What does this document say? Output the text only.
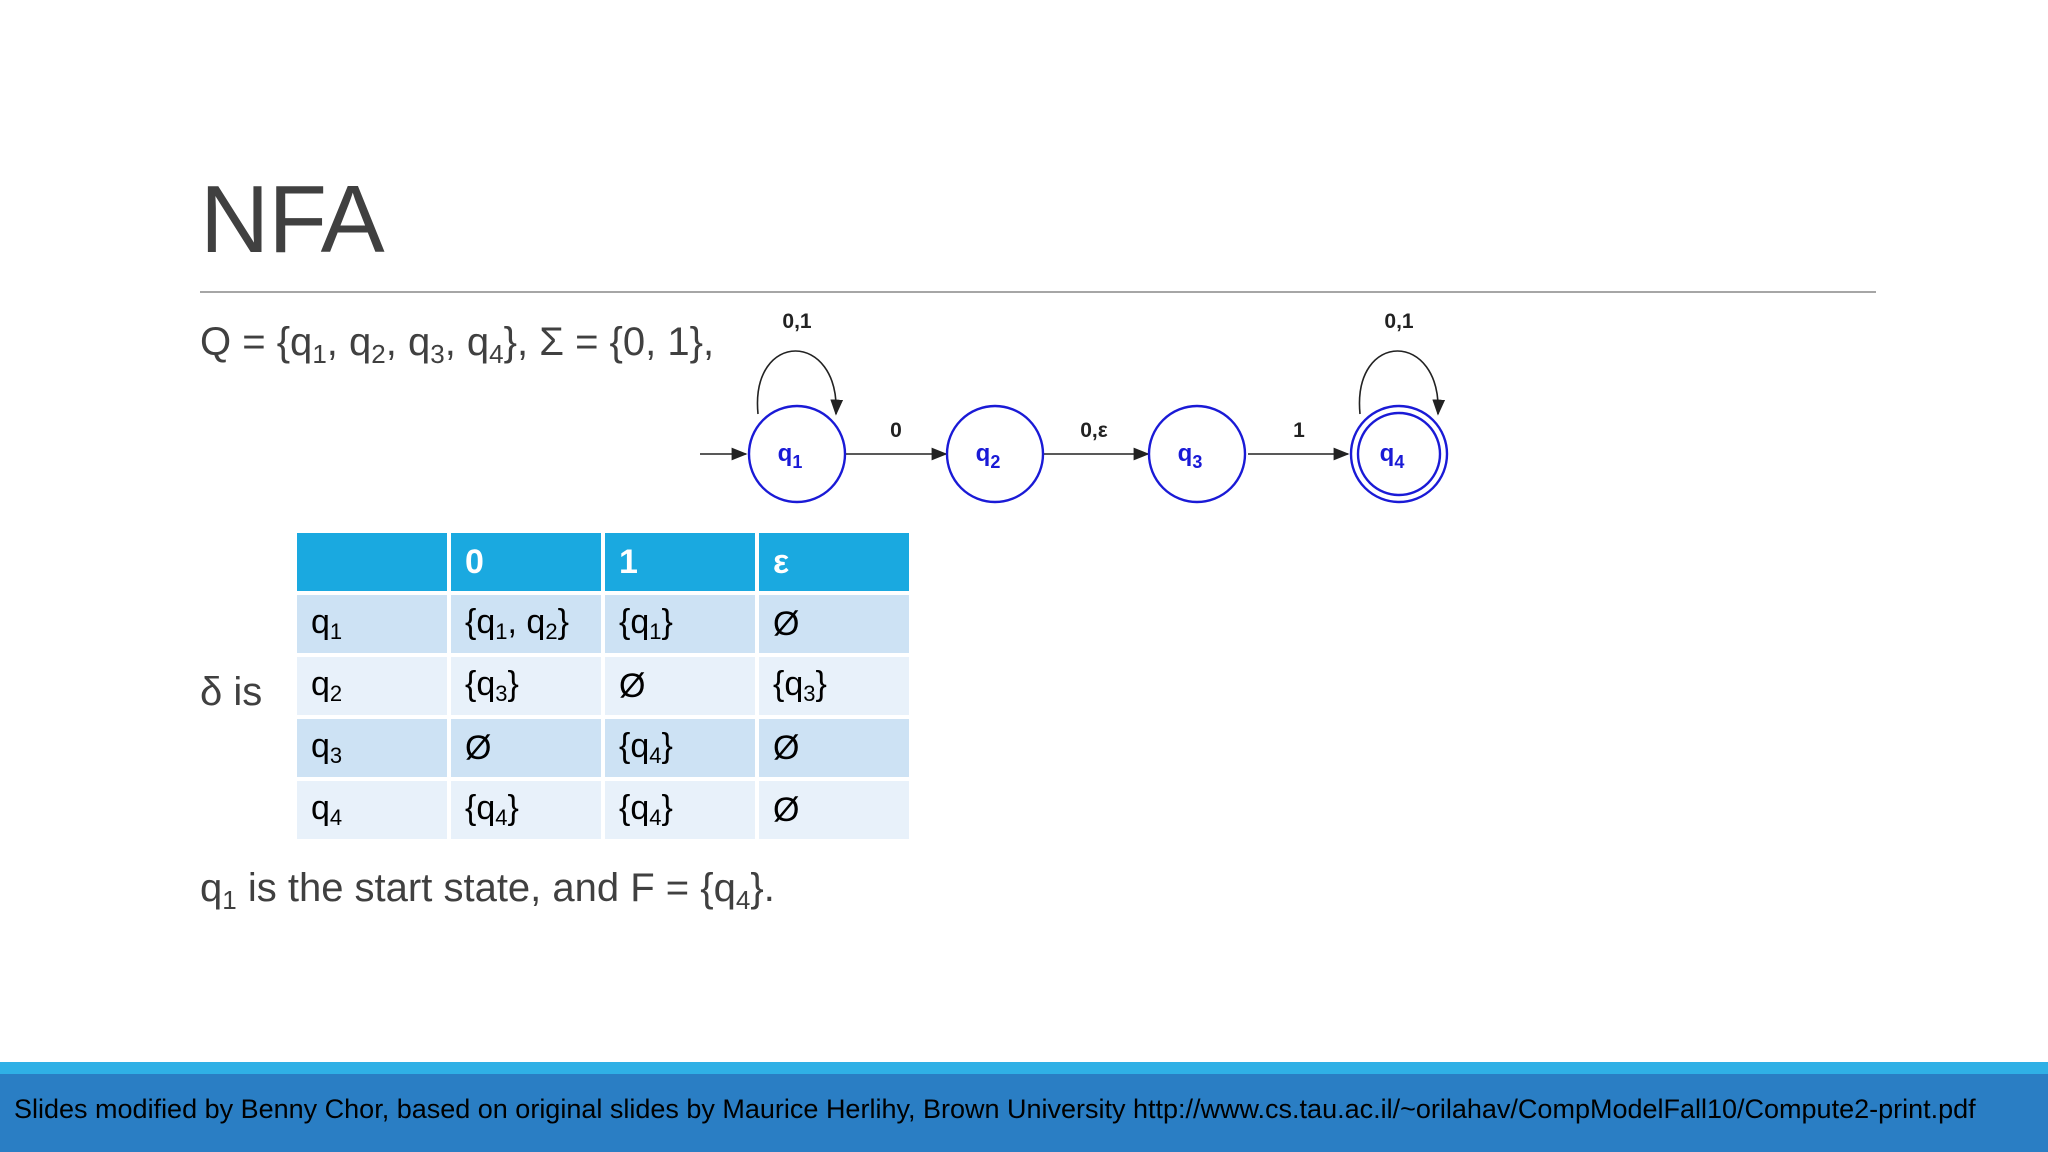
NFA
$Q = \{q_1$, $q_2$, $q_3$, $q_4$}, Σ = {0, 1},	0,1
0	0,ε	1
0,1
$q_1$	$q_2$	$q_3$	$q_4$
δ is
	0	1	ε
$q_1$	{$q_1$, $q_2$}	$\{q_1\}$	Ø
$q_2$	$\{q_3\}$	Ø	$\{q_3\}$
$q_3$	Ø	$\{q_4\}$	Ø
$q_4$	$\{q_4\}$	$\{q_4\}$	Ø
$q_1$ is the start state, and $F = \{q_4\}$.
Slides modified by Benny Chor, based on original slides by Maurice Herlihy, Brown University http://www.cs.tau.ac.il/~orilahav/CompModelFall10/Compute2-print.pdf
